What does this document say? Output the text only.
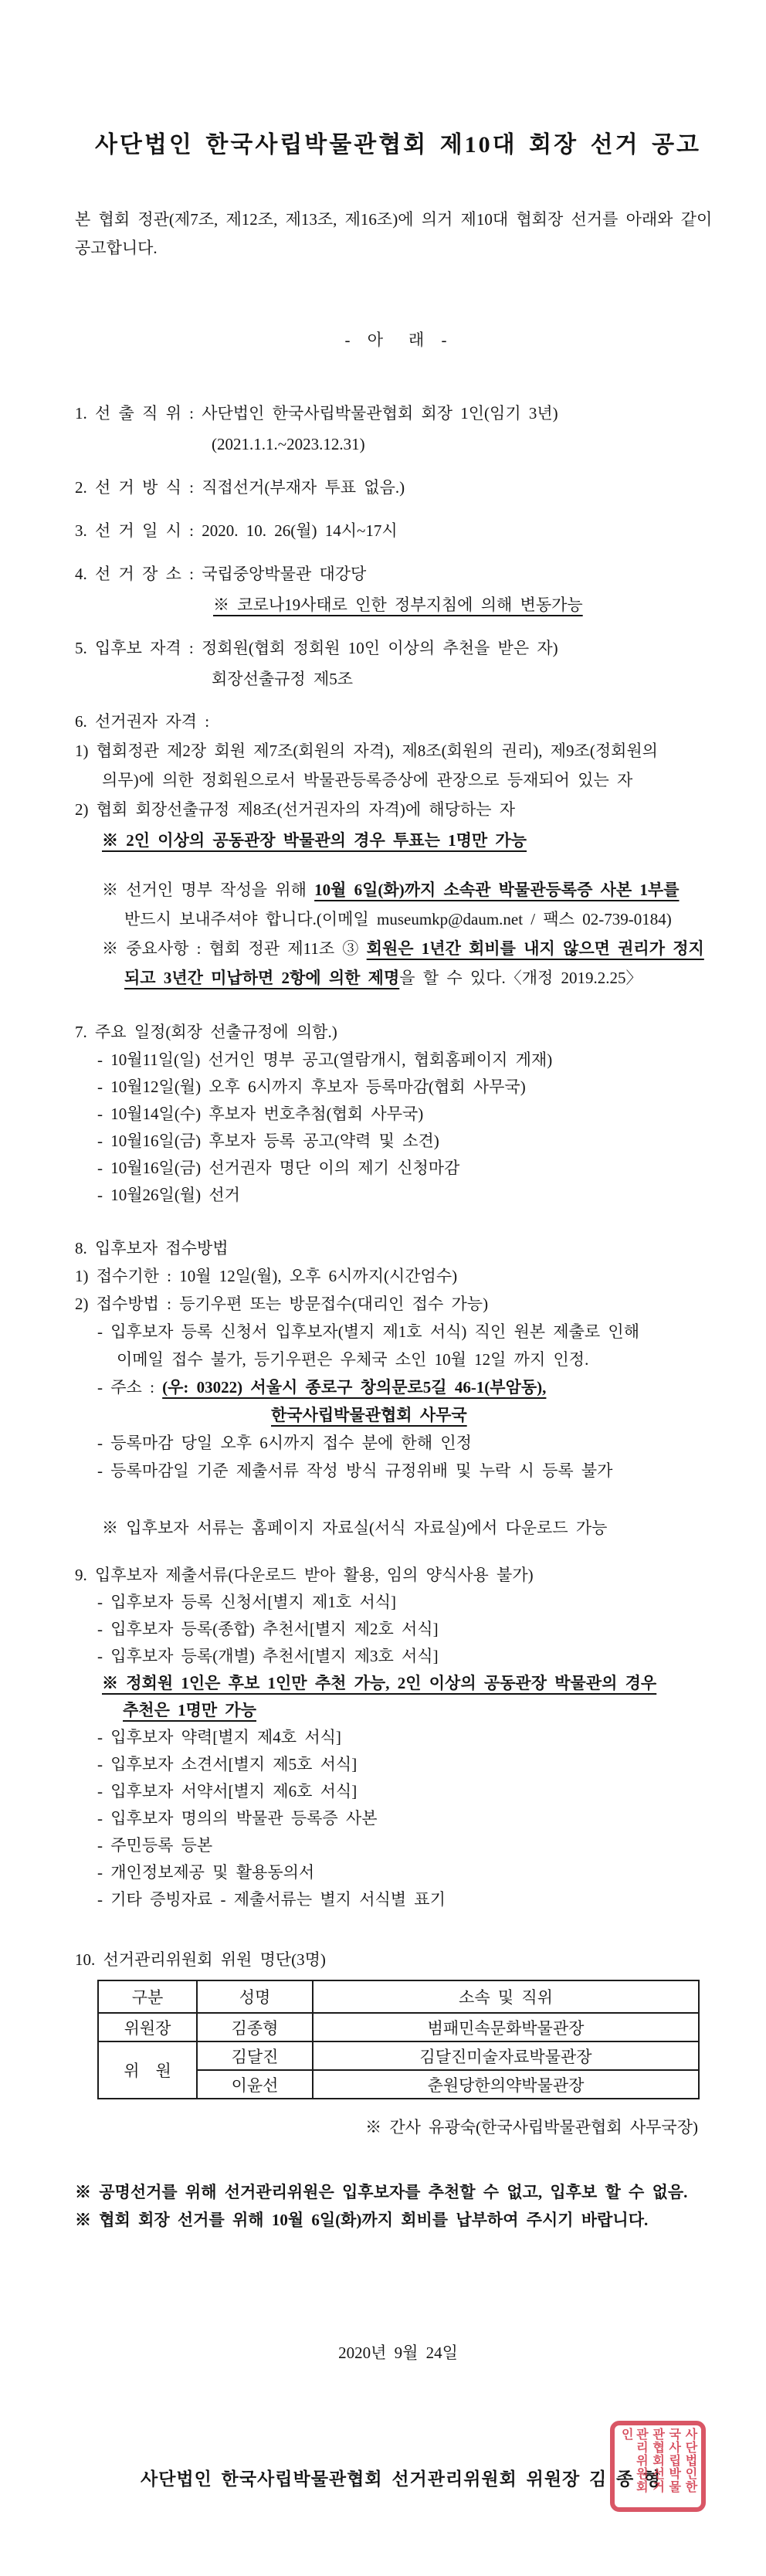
사단법인 한국사립박물관협회 제10대 회장 선거 공고
본 협회 정관(제7조, 제12조, 제13조, 제16조)에 의거 제10대 협회장 선거를 아래와 같이 공고합니다.
- 아　래 -
1. 선 출 직 위 : 사단법인 한국사립박물관협회 회장 1인(임기 3년)
(2021.1.1.~2023.12.31)
2. 선 거 방 식 : 직접선거(부재자 투표 없음.)
3. 선 거 일 시 : 2020. 10. 26(월) 14시~17시
4. 선 거 장 소 : 국립중앙박물관 대강당
※ 코로나19사태로 인한 정부지침에 의해 변동가능
5. 입후보 자격 : 정회원(협회 정회원 10인 이상의 추천을 받은 자)
회장선출규정 제5조
6. 선거권자 자격 :
1) 협회정관 제2장 회원 제7조(회원의 자격), 제8조(회원의 권리), 제9조(정회원의
의무)에 의한 정회원으로서 박물관등록증상에 관장으로 등재되어 있는 자
2) 협회 회장선출규정 제8조(선거권자의 자격)에 해당하는 자
※ 2인 이상의 공동관장 박물관의 경우 투표는 1명만 가능
※ 선거인 명부 작성을 위해 10월 6일(화)까지 소속관 박물관등록증 사본 1부를
반드시 보내주셔야 합니다.(이메일 museumkp@daum.net / 팩스 02-739-0184)
※ 중요사항 : 협회 정관 제11조 ③ 회원은 1년간 회비를 내지 않으면 권리가 정지
되고 3년간 미납하면 2항에 의한 제명을 할 수 있다.〈개정 2019.2.25〉
7. 주요 일정(회장 선출규정에 의함.)
- 10월11일(일) 선거인 명부 공고(열람개시, 협회홈페이지 게재)
- 10월12일(월) 오후 6시까지 후보자 등록마감(협회 사무국)
- 10월14일(수) 후보자 번호추첨(협회 사무국)
- 10월16일(금) 후보자 등록 공고(약력 및 소견)
- 10월16일(금) 선거권자 명단 이의 제기 신청마감
- 10월26일(월) 선거
8. 입후보자 접수방법
1) 접수기한 : 10월 12일(월), 오후 6시까지(시간엄수)
2) 접수방법 : 등기우편 또는 방문접수(대리인 접수 가능)
- 입후보자 등록 신청서 입후보자(별지 제1호 서식) 직인 원본 제출로 인해
이메일 접수 불가, 등기우편은 우체국 소인 10월 12일 까지 인정.
- 주소 : (우: 03022) 서울시 종로구 창의문로5길 46-1(부암동),
한국사립박물관협회 사무국
- 등록마감 당일 오후 6시까지 접수 분에 한해 인정
- 등록마감일 기준 제출서류 작성 방식 규정위배 및 누락 시 등록 불가
※ 입후보자 서류는 홈페이지 자료실(서식 자료실)에서 다운로드 가능
9. 입후보자 제출서류(다운로드 받아 활용, 임의 양식사용 불가)
- 입후보자 등록 신청서[별지 제1호 서식]
- 입후보자 등록(종합) 추천서[별지 제2호 서식]
- 입후보자 등록(개별) 추천서[별지 제3호 서식]
※ 정회원 1인은 후보 1인만 추천 가능, 2인 이상의 공동관장 박물관의 경우
추천은 1명만 가능
- 입후보자 약력[별지 제4호 서식]
- 입후보자 소견서[별지 제5호 서식]
- 입후보자 서약서[별지 제6호 서식]
- 입후보자 명의의 박물관 등록증 사본
- 주민등록 등본
- 개인정보제공 및 활용동의서
- 기타 증빙자료 - 제출서류는 별지 서식별 표기
10. 선거관리위원회 위원 명단(3명)
구분	성명	소속 및 직위
위원장	김종형	범패민속문화박물관장
위　원	김달진	김달진미술자료박물관장
	이윤선	춘원당한의약박물관장
※ 간사 유광숙(한국사립박물관협회 사무국장)
※ 공명선거를 위해 선거관리위원은 입후보자를 추천할 수 없고, 입후보 할 수 없음.
※ 협회 회장 선거를 위해 10월 6일(화)까지 회비를 납부하여 주시기 바랍니다.
2020년 9월 24일
사단법인 한국사립박물관협회 선거관리위원회 위원장 김 종 형	사단법인한
국사립박물
관협회선거
관리위원회인
